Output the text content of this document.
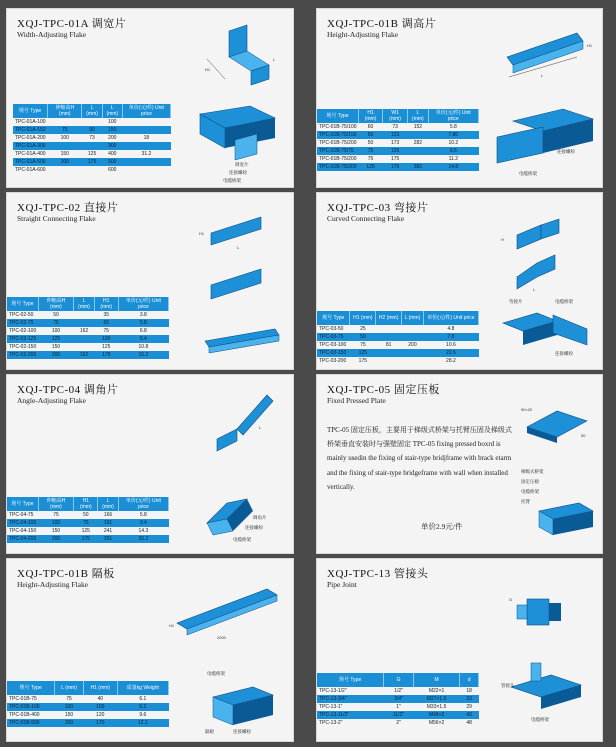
XQJ-TPC-01A 调宽片
Width-Adjusting Flake
H1
L
调宽片
连接螺栓
电缆桥架
规号 Type	伸缩高H (mm)	L (mm)	L (mm)	单价(元/件) Unit price
TPC-01A-100			100	
TPC-01A-150	75	90	150	
TPC-01A-200	100	73	200	18
TPC-01A-300			300	
TPC-01A-400	150	125	400	31.2
TPC-01A-500	200	175	500	
TPC-01A-600			600	
XQJ-TPC-01B 调高片
Height-Adjusting Flake
L
H1
连接螺栓
电缆桥架
规号 Type	H1 (mm)	W1 (mm)	L (mm)	单价(元/件) Unit price
TPC-01B-75/100	60	73	152	5.8
TPC-01B-75/150	50	123		7.80
TPC-01B-75/200	50	173	282	10.2
TPC-01B-75/75	75	125		8.6
TPC-01B-75/200	75	175		11.2
TPC-01B-75/300	125	175	382	14.8
XQJ-TPC-02 直接片
Straight Connecting Flake
H1
L
规号 Type	伸缩高H (mm)	L (mm)	H1 (mm)	单价(元/件) Unit price
TPC-02-50	50		35	3.8
TPC-02-75	75		50	5.8
TPC-02-100	100	162	75	6.8
TPC-02-125	125		100	8.4
TPC-02-150	150		125	10.8
TPC-02-200	200	162	175	15.2
XQJ-TPC-03 弯接片
Curved Connecting Flake
H
L
弯接片	电缆桥架
连接螺栓
规号 Type	H1 (mm)	H2 (mm)	L (mm)	单价(元/件) Unit price
TPC-03-50	25			4.8
TPC-03-75	50			7.8
TPC-03-100	75	81	200	10.6
TPC-03-150	125			22.6
TPC-03-200	175			28.2
XQJ-TPC-04 调角片
Angle-Adjusting Flake
L
调角片
连接螺栓
电缆桥架
规号 Type	伸缩高H (mm)	H1 (mm)	L (mm)	单价(元/件) Unit price
TPC-04-75	75	50	166	5.8
TPC-04-100	100	75	191	9.4
TPC-04-150	150	125	241	14.3
TPC-04-200	200	175	291	20.2
XQJ-TPC-05 固定压板
Fixed Pressed Plate
TPC-05 固定压板，主要用于梯级式桥架与托臂压固及梯级式桥架垂直安装时与强壁固定 TPC-05 fixing pressed boxrd is mainly usedin the fixing of stair-type bridjframe with brack etarm and the fixing of stair-type bridgeframe with wall when installed vertically.
单价2.9元/件
50×20
50
梯级式桥架
固定压板
电缆桥架
托臂
XQJ-TPC-01B 隔板
Height-Adjusting Flake
2000
H1
电缆桥架
隔板	连接螺栓
规号 Type	L (mm)	H1 (mm)	质量kg Weight
TPC-01B-75	75	40	6.1
TPC-01B-100	100	100	5.2
TPC-01B-400	150	120	9.6
TPC-01B-500	200	170	12.1
XQJ-TPC-13 管接头
Pipe Joint
G
管接头
电缆桥架
规号 Type	G	M	d
TPC-13-1/2"	1/2"	M22×1	18
TPC-13-3/4"	3/4"	M27×1.5	23
TPC-13-1"	1"	M33×1.5	29
TPC-13-11/2"	11/2"	M48×2	43
TPC-13-2"	2"	M56×2	48
